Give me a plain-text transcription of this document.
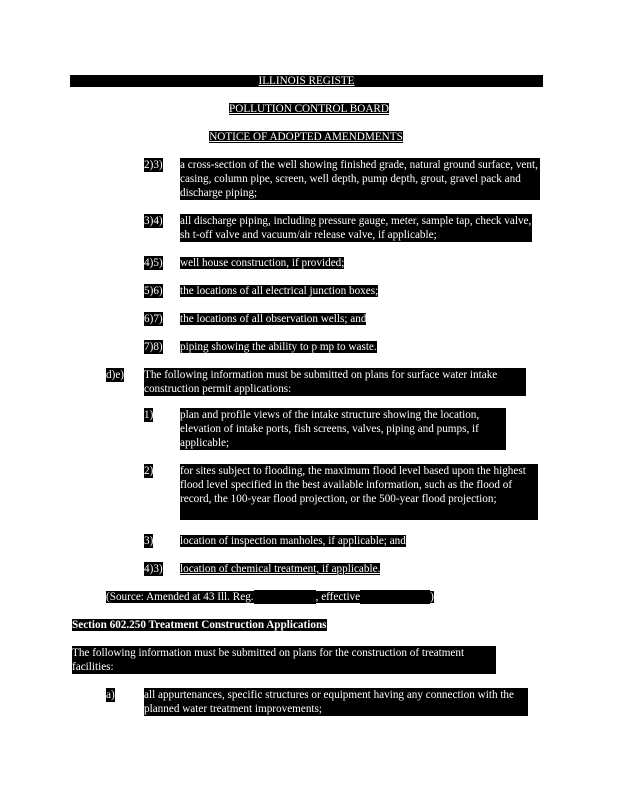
ILLINOIS REGISTE
POLLUTION CONTROL BOARD
NOTICE OF ADOPTED AMENDMENTS
2)3) a cross-section of the well showing finished grade, natural ground surface, vent, casing, column pipe, screen, well depth, pump depth, grout, gravel pack and discharge piping;
3)4) all discharge piping, including pressure gauge, meter, sample tap, check valve, sh t-off valve and vacuum/air release valve, if applicable;
4)5) well house construction, if provided;
5)6) the locations of all electrical junction boxes;
6)7) the locations of all observation wells; and
7)8) piping showing the ability to p mp to waste.
d)e) The following information must be submitted on plans for surface water intake construction permit applications:
1) plan and profile views of the intake structure showing the location, elevation of intake ports, fish screens, valves, piping and pumps, if applicable;
2) for sites subject to flooding, the maximum flood level based upon the highest flood level specified in the best available information, such as the flood of record, the 100-year flood projection, or the 500-year flood projection;
3) location of inspection manholes, if applicable; and
4)3) location of chemical treatment, if applicable.
(Source: Amended at 43 Ill. Reg.	, effective	)
Section 602.250 Treatment Construction Applications
The following information must be submitted on plans for the construction of treatment facilities:
a)	all appurtenances, specific structures or equipment having any connection with the planned water treatment improvements;
